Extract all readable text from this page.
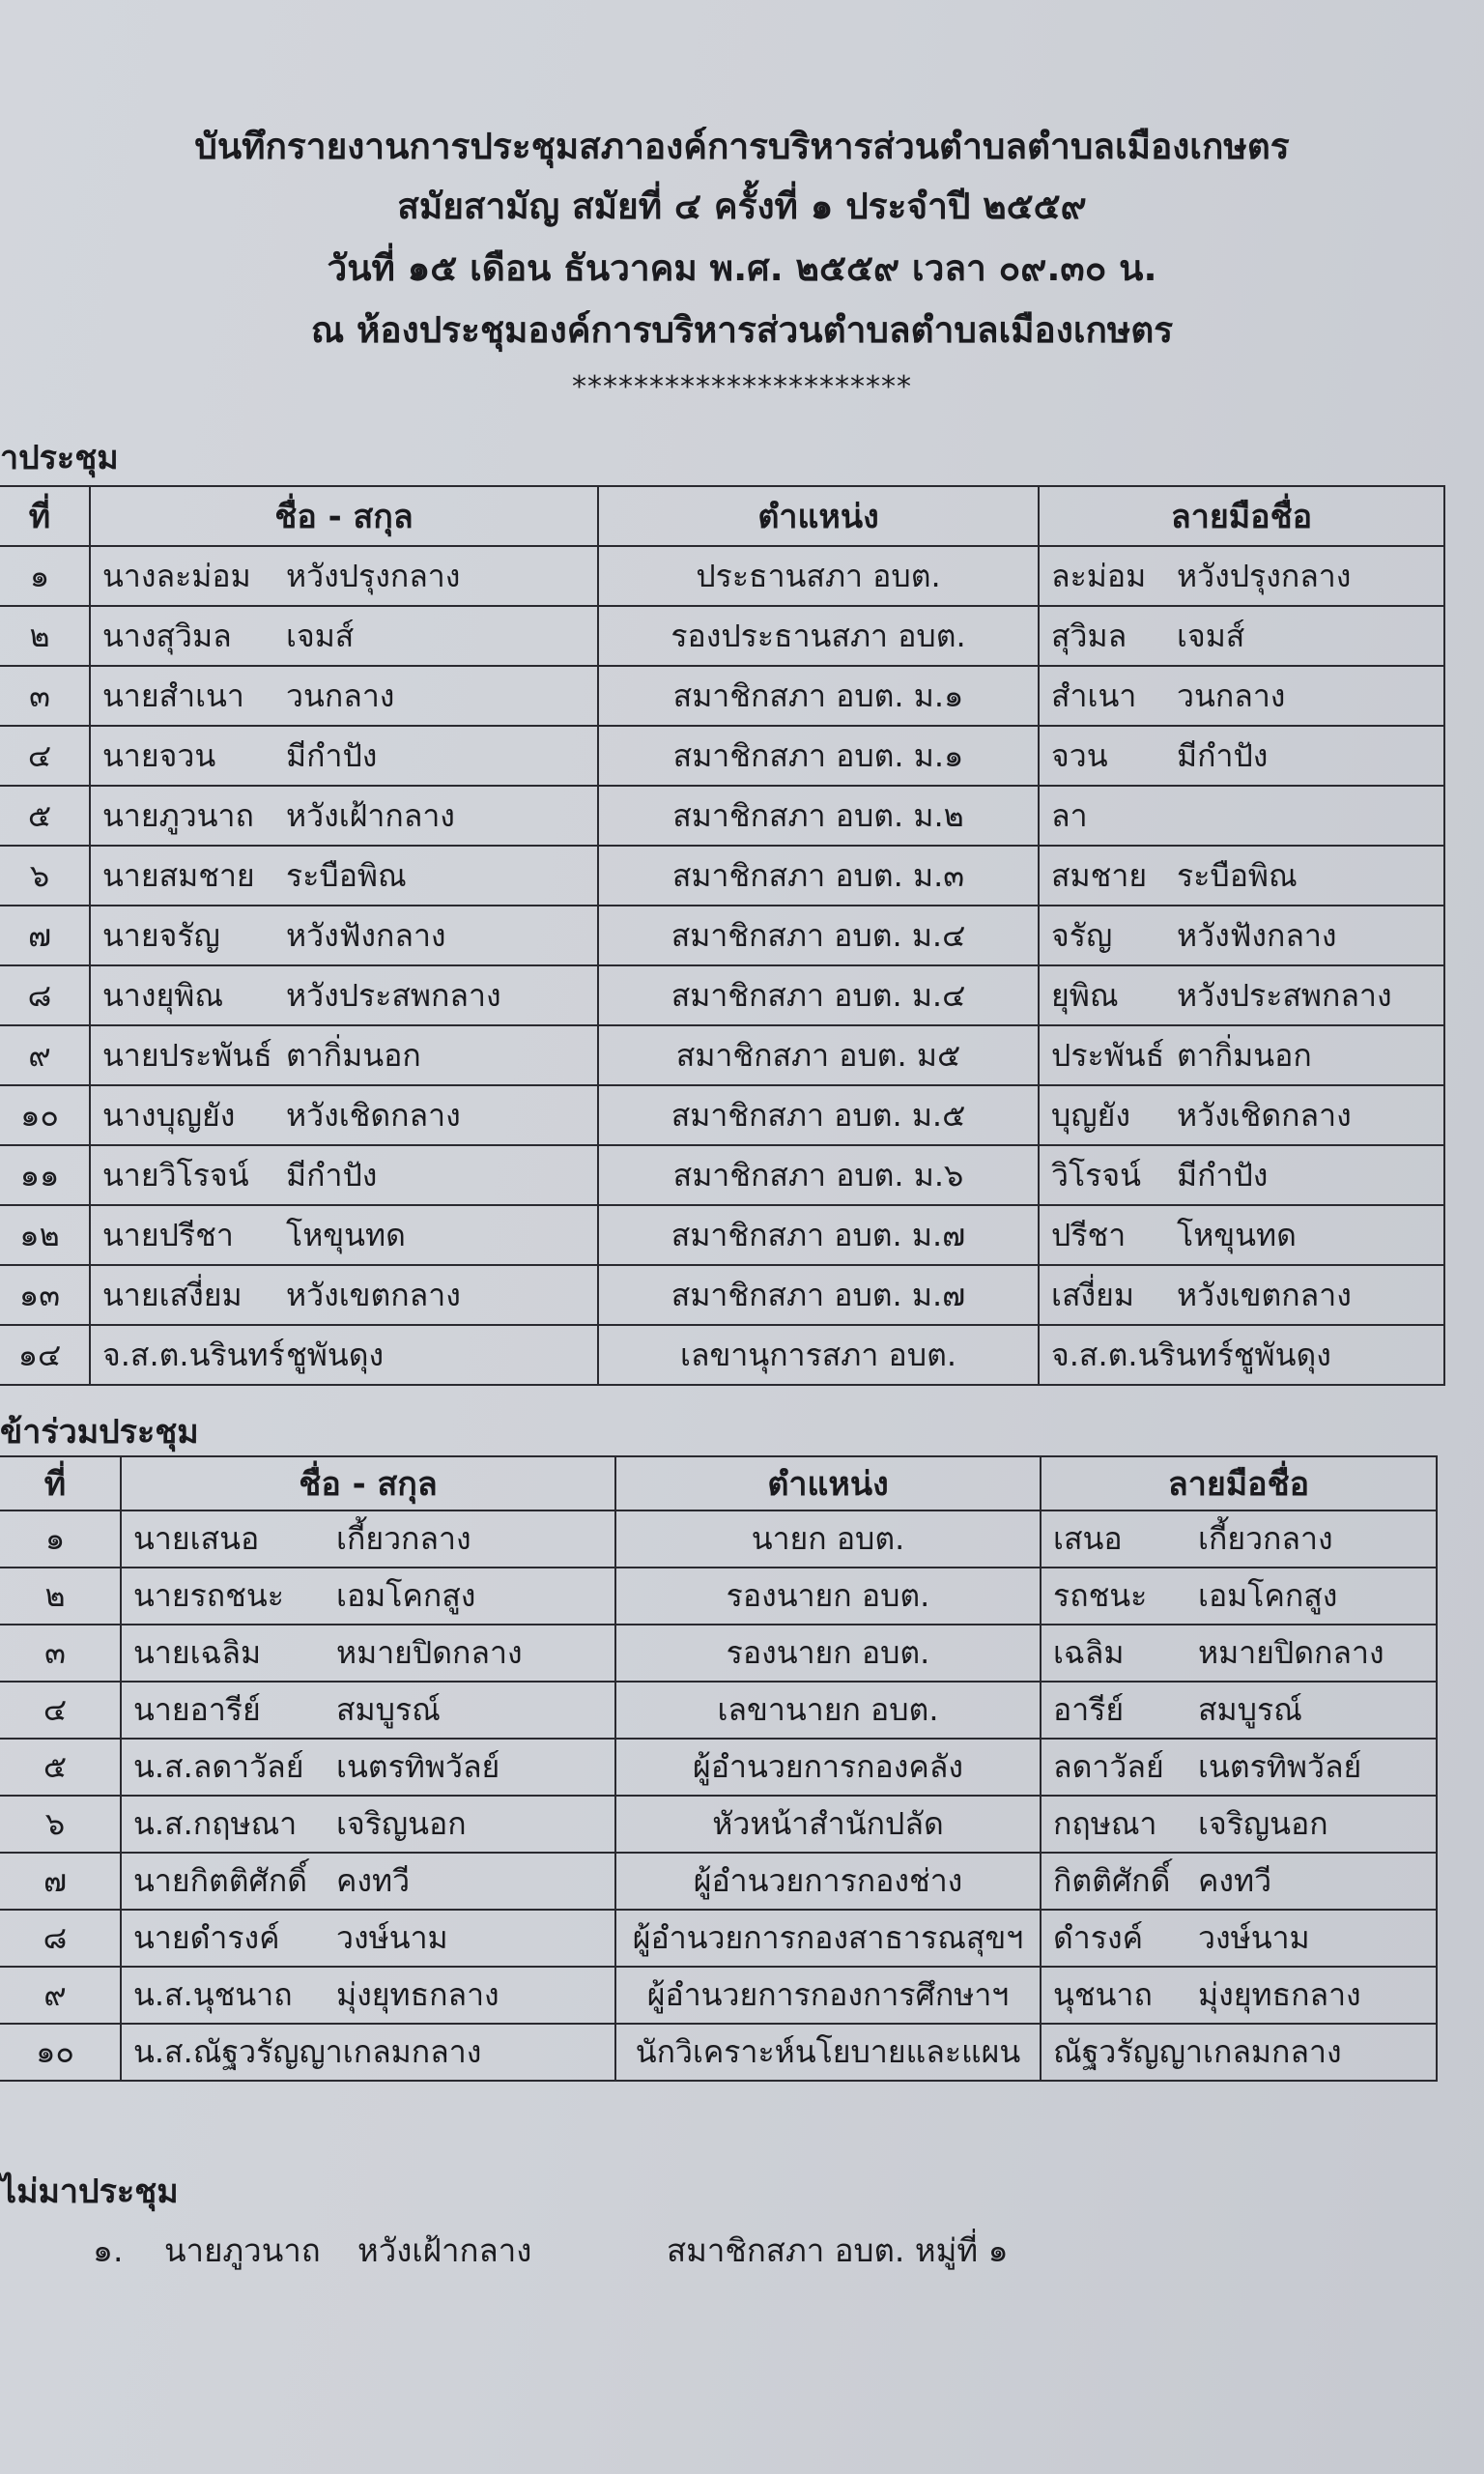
บันทึกรายงานการประชุมสภาองค์การบริหารส่วนตำบลตำบลเมืองเกษตร
สมัยสามัญ สมัยที่ ๔ ครั้งที่ ๑ ประจำปี ๒๕๕๙
วันที่ ๑๕ เดือน ธันวาคม พ.ศ. ๒๕๕๙ เวลา ๐๙.๓๐ น.
ณ ห้องประชุมองค์การบริหารส่วนตำบลตำบลเมืองเกษตร
**********************
าประชุม
ที่	ชื่อ - สกุล	ตำแหน่ง	ลายมือชื่อ
๑	นางละม่อม หวังปรุงกลาง	ประธานสภา อบต.	ละม่อม หวังปรุงกลาง
๒	นางสุวิมล เจมส์	รองประธานสภา อบต.	สุวิมล เจมส์
๓	นายสำเนา วนกลาง	สมาชิกสภา อบต. ม.๑	สำเนา วนกลาง
๔	นายจวน มีกำปัง	สมาชิกสภา อบต. ม.๑	จวน มีกำปัง
๕	นายภูวนาถ หวังเฝ้ากลาง	สมาชิกสภา อบต. ม.๒	ลา
๖	นายสมชาย ระบือพิณ	สมาชิกสภา อบต. ม.๓	สมชาย ระบือพิณ
๗	นายจรัญ หวังฟังกลาง	สมาชิกสภา อบต. ม.๔	จรัญ หวังฟังกลาง
๘	นางยุพิณ หวังประสพกลาง	สมาชิกสภา อบต. ม.๔	ยุพิณ หวังประสพกลาง
๙	นายประพันธ์ ตากิ่มนอก	สมาชิกสภา อบต. ม๕	ประพันธ์ ตากิ่มนอก
๑๐	นางบุญยัง หวังเชิดกลาง	สมาชิกสภา อบต. ม.๕	บุญยัง หวังเชิดกลาง
๑๑	นายวิโรจน์ มีกำปัง	สมาชิกสภา อบต. ม.๖	วิโรจน์ มีกำปัง
๑๒	นายปรีชา โหขุนทด	สมาชิกสภา อบต. ม.๗	ปรีชา โหขุนทด
๑๓	นายเสงี่ยม หวังเขตกลาง	สมาชิกสภา อบต. ม.๗	เสงี่ยม หวังเขตกลาง
๑๔	จ.ส.ต.นรินทร์ชูพันดุง	เลขานุการสภา อบต.	จ.ส.ต.นรินทร์ชูพันดุง
ข้าร่วมประชุม
ที่	ชื่อ - สกุล	ตำแหน่ง	ลายมือชื่อ
๑	นายเสนอ เกี้ยวกลาง	นายก อบต.	เสนอ เกี้ยวกลาง
๒	นายรถชนะ เอมโคกสูง	รองนายก อบต.	รถชนะ เอมโคกสูง
๓	นายเฉลิม หมายปิดกลาง	รองนายก อบต.	เฉลิม หมายปิดกลาง
๔	นายอารีย์ สมบูรณ์	เลขานายก อบต.	อารีย์ สมบูรณ์
๕	น.ส.ลดาวัลย์ เนตรทิพวัลย์	ผู้อำนวยการกองคลัง	ลดาวัลย์ เนตรทิพวัลย์
๖	น.ส.กฤษณา เจริญนอก	หัวหน้าสำนักปลัด	กฤษณา เจริญนอก
๗	นายกิตติศักดิ์ คงทวี	ผู้อำนวยการกองช่าง	กิตติศักดิ์ คงทวี
๘	นายดำรงค์ วงษ์นาม	ผู้อำนวยการกองสาธารณสุขฯ	ดำรงค์ วงษ์นาม
๙	น.ส.นุชนาถ มุ่งยุทธกลาง	ผู้อำนวยการกองการศึกษาฯ	นุชนาถ มุ่งยุทธกลาง
๑๐	น.ส.ณัฐวรัญญาเกลมกลาง	นักวิเคราะห์นโยบายและแผน	ณัฐวรัญญาเกลมกลาง
ไม่มาประชุม
๑. นายภูวนาถ หวังเฝ้ากลาง	สมาชิกสภา อบต. หมู่ที่ ๑
